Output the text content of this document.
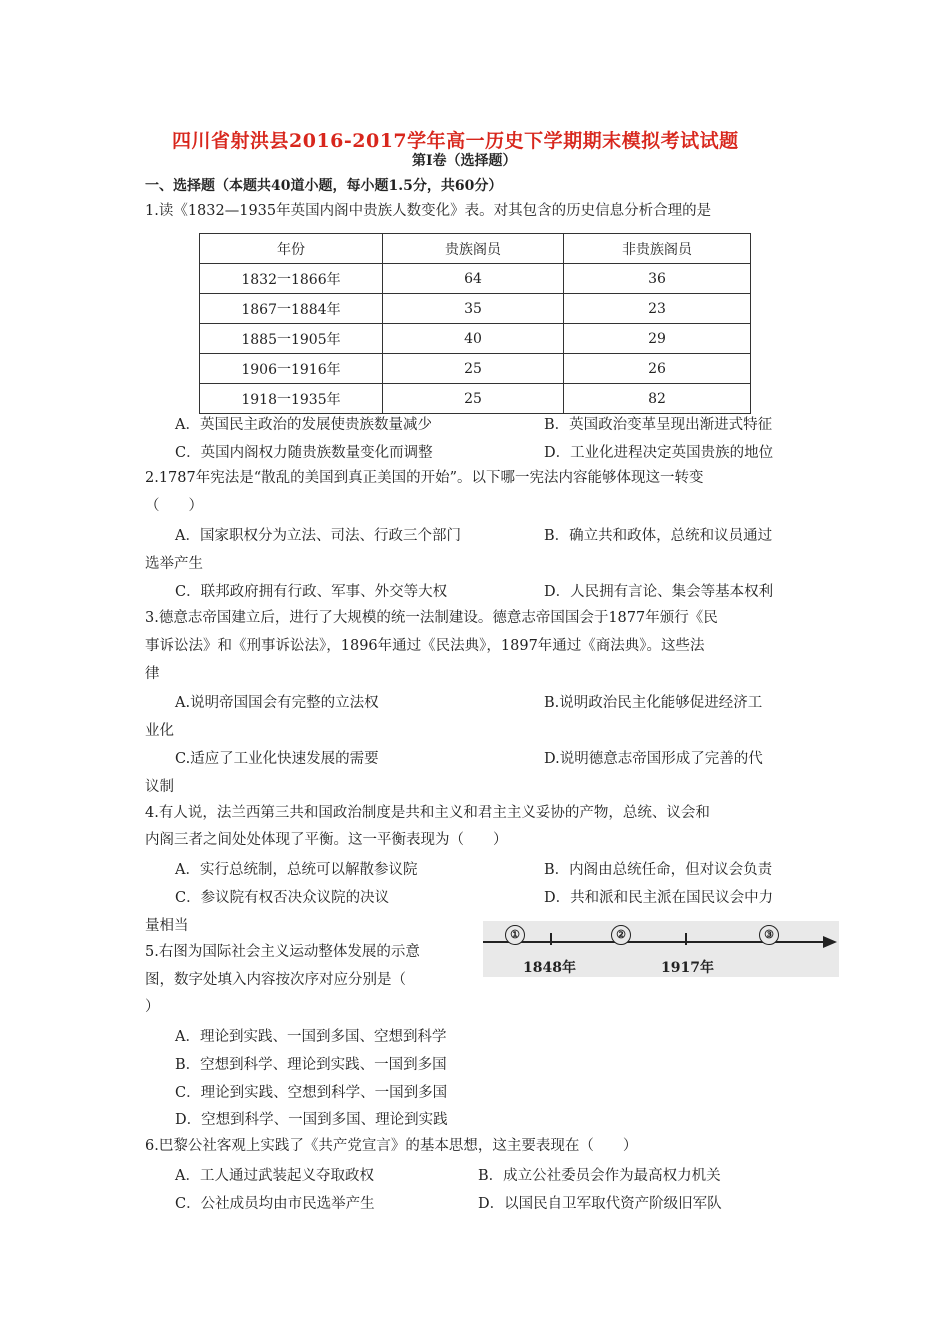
四川省射洪县2016-2017学年高一历史下学期期末模拟考试试题
第Ⅰ卷（选择题）
一、选择题（本题共40道小题，每小题1.5分，共60分）
1.读《1832—1935年英国内阁中贵族人数变化》表。对其包含的历史信息分析合理的是
年份	贵族阁员	非贵族阁员
1832一1866年	64	36
1867一1884年	35	23
1885一1905年	40	29
1906一1916年	25	26
1918一1935年	25	82
A．英国民主政治的发展使贵族数量减少	B．英国政治变革呈现出渐进式特征
C．英国内阁权力随贵族数量变化而调整	D．工业化进程决定英国贵族的地位
2.1787年宪法是“散乱的美国到真正美国的开始”。以下哪一宪法内容能够体现这一转变
（　　）
A．国家职权分为立法、司法、行政三个部门	B．确立共和政体，总统和议员通过
选举产生
C．联邦政府拥有行政、军事、外交等大权	D．人民拥有言论、集会等基本权利
3.德意志帝国建立后，进行了大规模的统一法制建设。德意志帝国国会于1877年颁行《民
事诉讼法》和《刑事诉讼法》，1896年通过《民法典》，1897年通过《商法典》。这些法
律
A.说明帝国国会有完整的立法权	B.说明政治民主化能够促进经济工
业化
C.适应了工业化快速发展的需要	D.说明德意志帝国形成了完善的代
议制
4.有人说，法兰西第三共和国政治制度是共和主义和君主主义妥协的产物，总统、议会和
内阁三者之间处处体现了平衡。这一平衡表现为（　　）
A．实行总统制，总统可以解散参议院	B．内阁由总统任命，但对议会负责
C．参议院有权否决众议院的决议	D．共和派和民主派在国民议会中力
量相当
5.右图为国际社会主义运动整体发展的示意
图，数字处填入内容按次序对应分别是（
）
①	②	③
1848年	1917年
A．理论到实践、一国到多国、空想到科学
B．空想到科学、理论到实践、一国到多国
C．理论到实践、空想到科学、一国到多国
D．空想到科学、一国到多国、理论到实践
6.巴黎公社客观上实践了《共产党宣言》的基本思想，这主要表现在（　　）
A．工人通过武装起义夺取政权	B．成立公社委员会作为最高权力机关
C．公社成员均由市民选举产生	D．以国民自卫军取代资产阶级旧军队
